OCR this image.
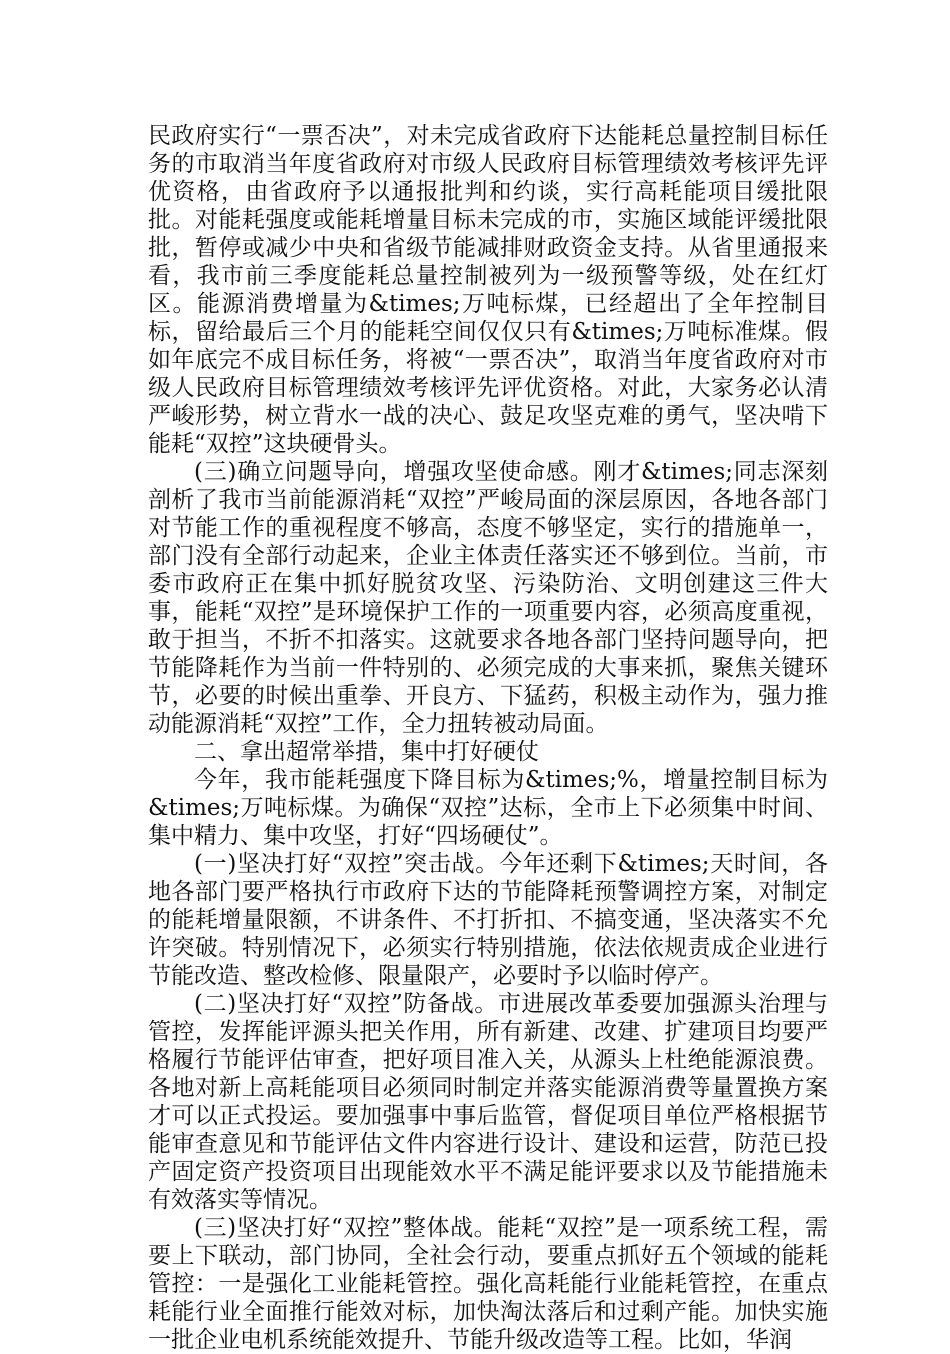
民政府实行“一票否决”，对未完成省政府下达能耗总量控制目标任务的市取消当年度省政府对市级人民政府目标管理绩效考核评先评优资格，由省政府予以通报批判和约谈，实行高耗能项目缓批限批。对能耗强度或能耗增量目标未完成的市，实施区域能评缓批限批，暂停或减少中央和省级节能减排财政资金支持。从省里通报来看，我市前三季度能耗总量控制被列为一级预警等级，处在红灯区。能源消费增量为&times;万吨标煤，已经超出了全年控制目标，留给最后三个月的能耗空间仅仅只有&times;万吨标准煤。假如年底完不成目标任务，将被“一票否决”，取消当年度省政府对市级人民政府目标管理绩效考核评先评优资格。对此，大家务必认清严峻形势，树立背水一战的决心、鼓足攻坚克难的勇气，坚决啃下能耗“双控”这块硬骨头。

(三)确立问题导向，增强攻坚使命感。刚才&times;同志深刻剖析了我市当前能源消耗“双控”严峻局面的深层原因，各地各部门对节能工作的重视程度不够高，态度不够坚定，实行的措施单一，部门没有全部行动起来，企业主体责任落实还不够到位。当前，市委市政府正在集中抓好脱贫攻坚、污染防治、文明创建这三件大事，能耗“双控”是环境保护工作的一项重要内容，必须高度重视，敢于担当，不折不扣落实。这就要求各地各部门坚持问题导向，把节能降耗作为当前一件特别的、必须完成的大事来抓，聚焦关键环节，必要的时候出重拳、开良方、下猛药，积极主动作为，强力推动能源消耗“双控”工作，全力扭转被动局面。

二、拿出超常举措，集中打好硬仗

今年，我市能耗强度下降目标为&times;%，增量控制目标为&times;万吨标煤。为确保“双控”达标，全市上下必须集中时间、集中精力、集中攻坚，打好“四场硬仗”。

(一)坚决打好“双控”突击战。今年还剩下&times;天时间，各地各部门要严格执行市政府下达的节能降耗预警调控方案，对制定的能耗增量限额，不讲条件、不打折扣、不搞变通，坚决落实不允许突破。特别情况下，必须实行特别措施，依法依规责成企业进行节能改造、整改检修、限量限产，必要时予以临时停产。

(二)坚决打好“双控”防备战。市进展改革委要加强源头治理与管控，发挥能评源头把关作用，所有新建、改建、扩建项目均要严格履行节能评估审查，把好项目准入关，从源头上杜绝能源浪费。各地对新上高耗能项目必须同时制定并落实能源消费等量置换方案才可以正式投运。要加强事中事后监管，督促项目单位严格根据节能审查意见和节能评估文件内容进行设计、建设和运营，防范已投产固定资产投资项目出现能效水平不满足能评要求以及节能措施未有效落实等情况。

(三)坚决打好“双控”整体战。能耗“双控”是一项系统工程，需要上下联动，部门协同，全社会行动，要重点抓好五个领域的能耗管控：一是强化工业能耗管控。强化高耗能行业能耗管控，在重点耗能行业全面推行能效对标，加快淘汰落后和过剩产能。加快实施一批企业电机系统能效提升、节能升级改造等工程。比如，华润
